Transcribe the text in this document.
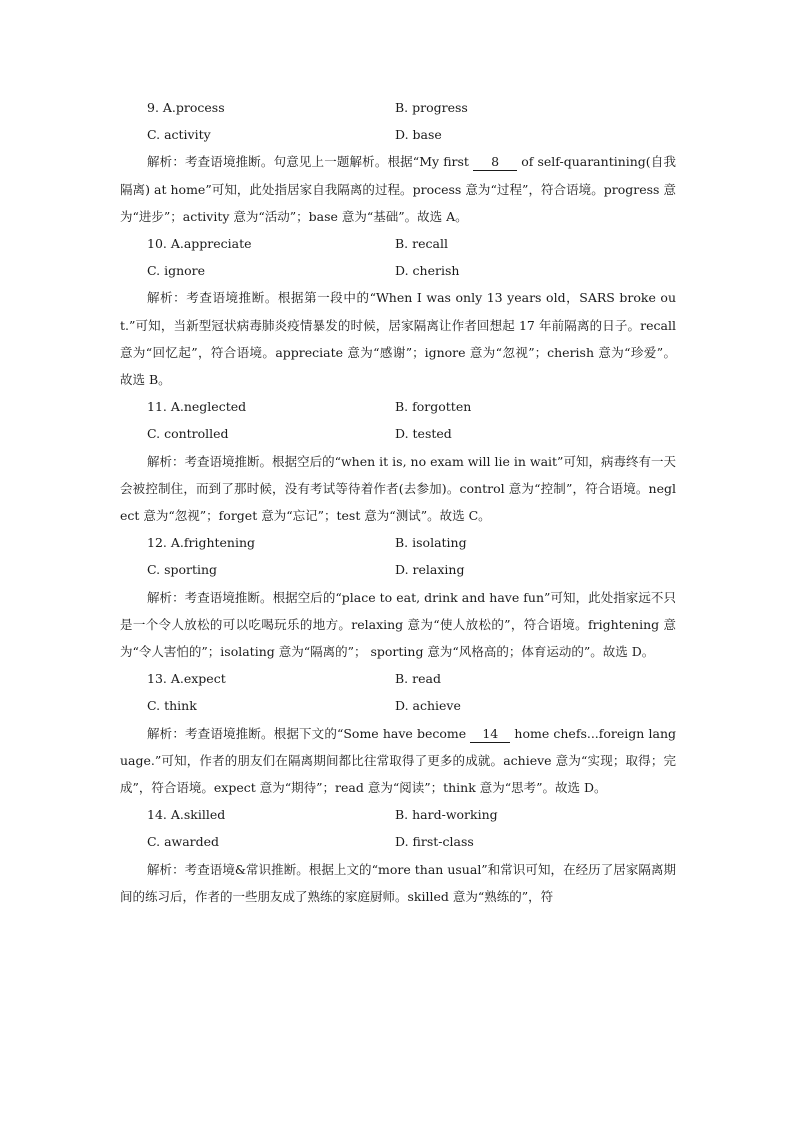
9. A.process	B. progress
C. activity	D. base

解析：考查语境推断。句意见上一题解析。根据“My first 8 of self-quarantining(自我隔离) at home”可知，此处指居家自我隔离的过程。process 意为“过程”，符合语境。progress 意为“进步”；activity 意为“活动”；base 意为“基础”。故选 A。

10. A.appreciate	B. recall
C. ignore	D. cherish

解析：考查语境推断。根据第一段中的“When I was only 13 years old，SARS broke out.”可知，当新型冠状病毒肺炎疫情暴发的时候，居家隔离让作者回想起 17 年前隔离的日子。recall 意为“回忆起”，符合语境。appreciate 意为“感谢”；ignore 意为“忽视”；cherish 意为“珍爱”。故选 B。

11. A.neglected	B. forgotten
C. controlled	D. tested

解析：考查语境推断。根据空后的“when it is, no exam will lie in wait”可知，病毒终有一天会被控制住，而到了那时候，没有考试等待着作者(去参加)。control 意为“控制”，符合语境。neglect 意为“忽视”；forget 意为“忘记”；test 意为“测试”。故选 C。

12. A.frightening	B. isolating
C. sporting	D. relaxing

解析：考查语境推断。根据空后的“place to eat, drink and have fun”可知，此处指家远不只是一个令人放松的可以吃喝玩乐的地方。relaxing 意为“使人放松的”，符合语境。frightening 意为“令人害怕的”；isolating 意为“隔离的”； sporting 意为“风格高的；体育运动的”。故选 D。

13. A.expect	B. read
C. think	D. achieve

解析：考查语境推断。根据下文的“Some have become 14 home chefs...foreign language.”可知，作者的朋友们在隔离期间都比往常取得了更多的成就。achieve 意为“实现；取得；完成”，符合语境。expect 意为“期待”；read 意为“阅读”；think 意为“思考”。故选 D。

14. A.skilled	B. hard-working
C. awarded	D. first-class

解析：考查语境&常识推断。根据上文的“more than usual”和常识可知，在经历了居家隔离期间的练习后，作者的一些朋友成了熟练的家庭厨师。skilled 意为“熟练的”，符
